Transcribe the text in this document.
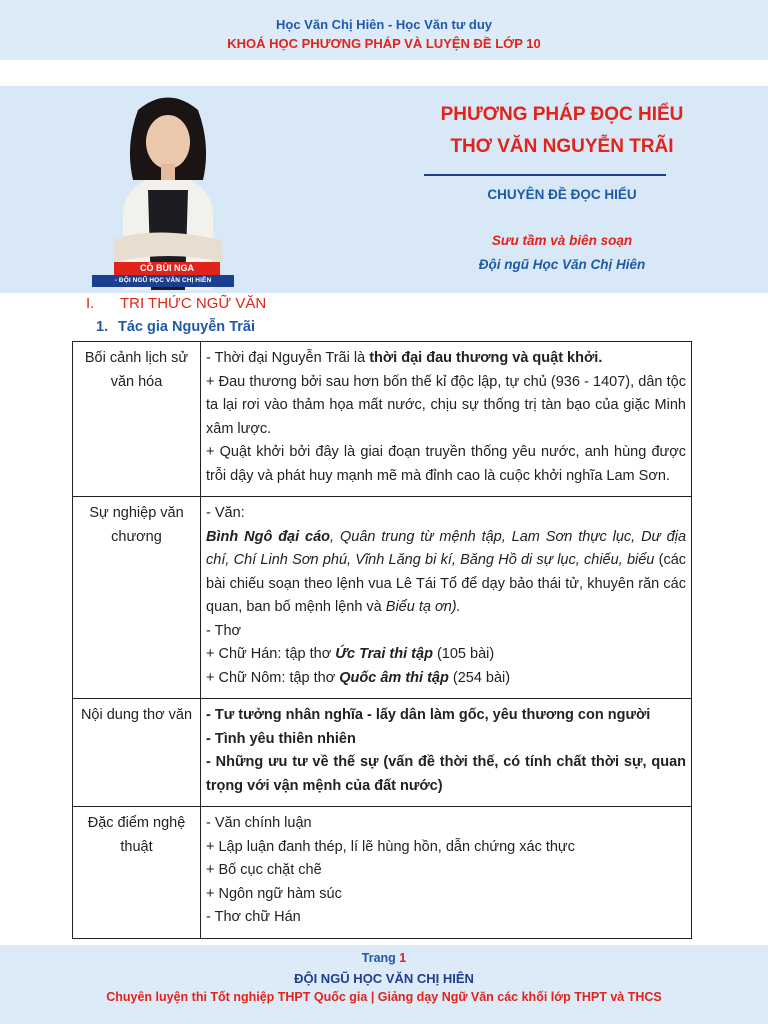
Học Văn Chị Hiên - Học Văn tư duy
KHOÁ HỌC PHƯƠNG PHÁP VÀ LUYỆN ĐỀ LỚP 10
CÔ BÙI NGA
- ĐỘI NGŨ HỌC VĂN CHỊ HIÊN
PHƯƠNG PHÁP ĐỌC HIỂU
THƠ VĂN NGUYỄN TRÃI
CHUYÊN ĐỀ ĐỌC HIỂU
Sưu tầm và biên soạn
Đội ngũ Học Văn Chị Hiên
I. TRI THỨC NGỮ VĂN
1. Tác gia Nguyễn Trãi
Bối cảnh lịch sử văn hóa	- Thời đại Nguyễn Trãi là thời đại đau thương và quật khởi.
+ Đau thương bởi sau hơn bốn thế kỉ độc lập, tự chủ (936 - 1407), dân tộc ta lại rơi vào thảm họa mất nước, chịu sự thống trị tàn bạo của giặc Minh xâm lược.
+ Quật khởi bởi đây là giai đoạn truyền thống yêu nước, anh hùng được trỗi dậy và phát huy mạnh mẽ mà đỉnh cao là cuộc khởi nghĩa Lam Sơn.

Sự nghiệp văn chương	- Văn:
Bình Ngô đại cáo, Quân trung từ mệnh tập, Lam Sơn thực lục, Dư địa chí, Chí Linh Sơn phú, Vĩnh Lăng bi kí, Băng Hồ di sự lục, chiếu, biểu (các bài chiếu soạn theo lệnh vua Lê Tái Tổ để dạy bảo thái tử, khuyên răn các quan, ban bố mệnh lệnh và Biểu tạ ơn).
- Thơ
+ Chữ Hán: tập thơ Ức Trai thi tập (105 bài)
+ Chữ Nôm: tập thơ Quốc âm thi tập (254 bài)

Nội dung thơ văn	- Tư tưởng nhân nghĩa - lấy dân làm gốc, yêu thương con người
- Tình yêu thiên nhiên
- Những ưu tư về thế sự (vấn đề thời thế, có tính chất thời sự, quan trọng với vận mệnh của đất nước)

Đặc điểm nghệ thuật	- Văn chính luận
+ Lập luận đanh thép, lí lẽ hùng hồn, dẫn chứng xác thực
+ Bố cục chặt chẽ
+ Ngôn ngữ hàm súc
- Thơ chữ Hán
Trang 1
ĐỘI NGŨ HỌC VĂN CHỊ HIÊN
Chuyên luyện thi Tốt nghiệp THPT Quốc gia | Giảng dạy Ngữ Văn các khối lớp THPT và THCS
